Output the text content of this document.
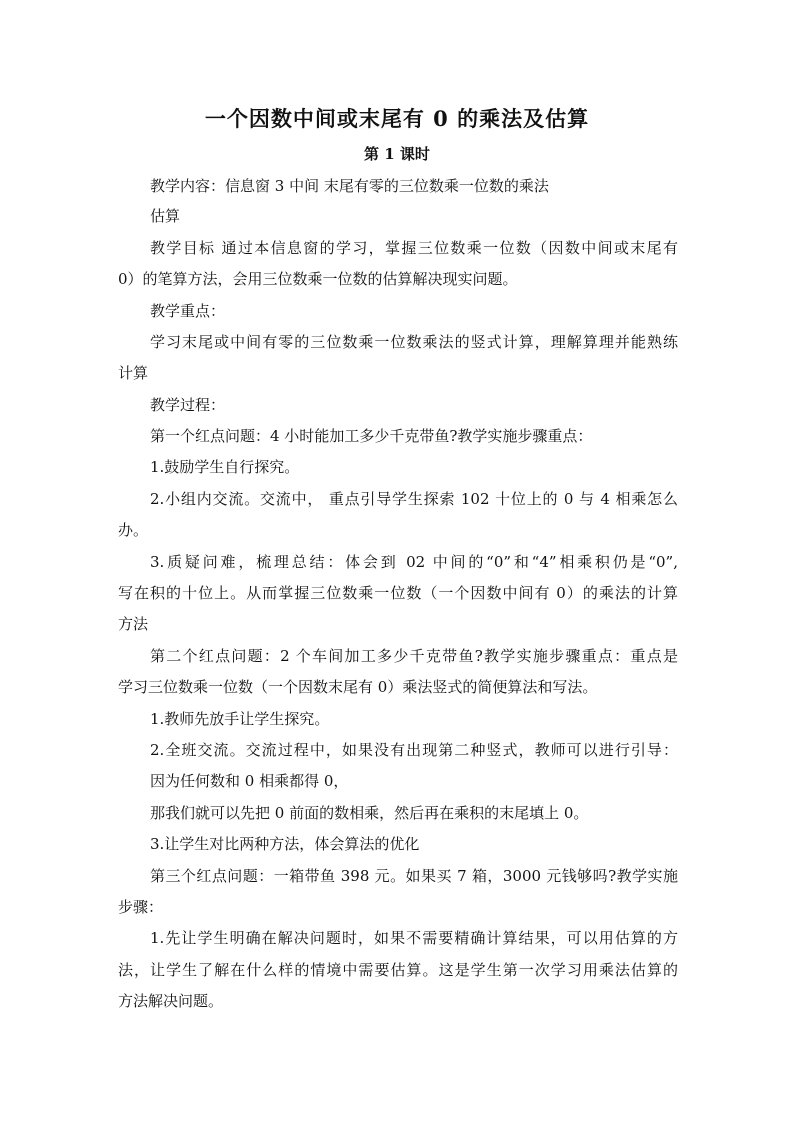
一个因数中间或末尾有 0 的乘法及估算
第 1 课时
教学内容：信息窗 3 中间 末尾有零的三位数乘一位数的乘法
估算
教学目标 通过本信息窗的学习，掌握三位数乘一位数（因数中间或末尾有
0）的笔算方法，会用三位数乘一位数的估算解决现实问题。
教学重点：
学习末尾或中间有零的三位数乘一位数乘法的竖式计算，理解算理并能熟练
计算
教学过程：
第一个红点问题：4 小时能加工多少千克带鱼?教学实施步骤重点：
1.鼓励学生自行探究。
2.小组内交流。交流中， 重点引导学生探索 102 十位上的 0 与 4 相乘怎么
办。
3.质疑问难，梳理总结：体会到 02 中间的“0”和“4”相乘积仍是“0”,
写在积的十位上。从而掌握三位数乘一位数（一个因数中间有 0）的乘法的计算
方法
第二个红点问题：2 个车间加工多少千克带鱼?教学实施步骤重点：重点是
学习三位数乘一位数（一个因数末尾有 0）乘法竖式的简便算法和写法。
1.教师先放手让学生探究。
2.全班交流。交流过程中，如果没有出现第二种竖式，教师可以进行引导：
因为任何数和 0 相乘都得 0，
那我们就可以先把 0 前面的数相乘，然后再在乘积的末尾填上 0。
3.让学生对比两种方法，体会算法的优化
第三个红点问题：一箱带鱼 398 元。如果买 7 箱，3000 元钱够吗?教学实施
步骤：
1.先让学生明确在解决问题时，如果不需要精确计算结果，可以用估算的方
法，让学生了解在什么样的情境中需要估算。这是学生第一次学习用乘法估算的
方法解决问题。
